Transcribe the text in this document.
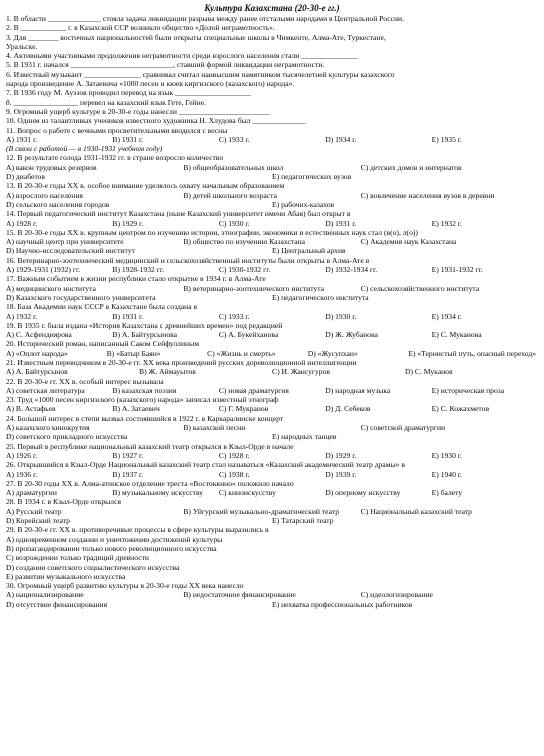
Культура Казахстана (20-30-е гг.)
1. В области ______________ стояла задача ликвидации разрыва между ранее отсталыми народами в Центральной России.
2. В ____________ г. в Казахской ССР возникло общество «Долой неграмотность».
3. Для ________ восточных национальностей были открыты специальные школы в Чимкенте, Алма-Ате, Туркестане,
Уральске.
4. Активными участниками продолжения неграмотности среди взрослого населения стали _______________
5. В 1931 г. начался ___________________________, ставший формой ликвидации неграмотности.
6. Известный музыкант _______________ сравнивал считал наивысшим памятником тысячелетней культуры казахского
народа произведение А. Затаевича «1000 песен и кюев киргизского (казахского) народа».
7. В 1936 году М. Ауэзов проводил перевод на язык ____________________
8. _________________ перевел на казахский язык Гете, Гейне.
9. Огромный ущерб культуре в 20-30-е годы нанесли ________________________
10. Одним из талантливых учеников известного художника Н. Хлудова был ______________
11. Вопрос о работе с вечными просветительными вводился с весны
А) 1931 г.	В) 1931 г.	С) 1933 г.	D) 1934 г.	Е) 1935 г.
(В связи с работой — в 1930-1931 учебном году)
12. В результате голода 1931-1932 гг. в стране возросло количество
А) вакон трудовых резервов	В) общеобразовательных школ	С) детских домов и интернатов
D) диабетов	Е) педагогических вузов
13. В 20-30-е годы ХХ в. особое внимание уделялось охвату начальным образованием
А) взрослого населения	В) детей школьного возраста	С) вовлечение населения вузов в деревни
D) сельского населения городов	Е) рабочих-казахов
14. Первый педагогический институт Казахстана (ныне Казахский университет имени Абая) был открыт в
А) 1928 г.	В) 1929 г.	С) 1930 г.	D) 1931 г.	Е) 1932 г.
15. В 20-30-е годы ХХ в. крупным центром по изучению истории, этнографии, экономики и естественных наук стал (в(о), л(о))
А) научный центр при университете	В) общество по изучению Казахстана	С) Академия наук Казахстана
D) Научно-исследовательский институт	Е) Центральный архив
16. Ветеринарно-зоотехнический медицинский и сельскохозяйственный институты были открыты в Алма-Ате в
А) 1929-1931 (1932) гг.	В) 1928-1932 гг.	С) 1930-1932 гг.	D) 1932-1934 гг.	Е) 1931-1932 гг.
17. Важным событием в жизни республики стало открытие в 1934 г. в Алма-Ате
А) медицинского института	В) ветеринарно-зоотехнического института	С) сельскохозяйственного института
D) Казахского государственного университета	Е) педагогического института
18. База Академии наук СССР в Казахстане была создана в
А) 1932 г.	В) 1931 г.	С) 1933 г.	D) 1930 г.	Е) 1934 г.
19. В 1935 г. была издана «История Казахстана с древнейших времен» под редакцией
А) С. Асфендиярова	В) А. Байтурсынова	С) А. Букейханова	D) Ж. Жубанова	Е) С. Муканова
20. Исторический роман, написанный Саком Сейфуллиным
А) «Оплот народа»	В) «Батыр Баян»	С) «Жизнь и смерть»	D) «Жусупхан»	Е) «Тернистый путь, опасный переход»
21. Известным переводчиком в 20-30-е гг. ХХ века произведений русских дореволюционной интеллигенции
А) А. Байтурсынов	В) Ж. Аймауытов	С) И. Жансугуров	D) С. Муканов
22. В 20-30-е гг. ХХ в. особый интерес вызывала
А) советская литература	В) казахская поэзия	С) новая драматургия	D) народная музыка	Е) историческая проза
23. Труд «1000 песен киргизского (казахского) народа» записал известный этнограф
А) В. Астафьев	В) А. Затаевич	С) Г. Мукранов	D) Д. Себеков	Е) С. Кожахметов
24. Большой интерес в степи вызвал состоявшийся в 1922 г. в Каркаралинске концерт
А) казахского кинокрутия	В) казахской песни	С) советской драматургии
D) советского прикладного искусства	Е) народных танцев
25. Первый в республике национальный казахский театр открылся в Кзыл-Орде в начале
А) 1926 г.	В) 1927 г.	С) 1928 г.	D) 1929 г.	Е) 1930 г.
26. Открывшийся в Кзыл-Орде Национальный казахский театр стал называться «Казахский академический театр драмы» в
А) 1936 г.	В) 1937 г.	С) 1938 г.	D) 1939 г.	Е) 1940 г.
27. В 20-30 годы ХХ в. Алма-атинское отделение треста «Востоккино» положило начало
А) драматургии	В) музыкальному искусству	С) киноискусству	D) оперному искусству	Е) балету
28. В 1934 г. в Кзыл-Орде открылся
А) Русский театр	В) Уйгурский музыкально-драматический театр	С) Национальный казахский театр
D) Корейский театр	Е) Татарский театр
29. В 20-30-е гг. ХХ в. противоречивые процессы в сфере культуры выразились в
А) одновременном создании и уничтожении достижений культуры
В) пропагандировании только нового революционного искусства
С) возрождении только традиций древности
D) создании советского социалистического искусства
Е) развитии музыкального искусства
30. Огромный ущерб развитию культуры в 20-30-е годы ХХ века нанесло
А) национализирование	В) недостаточное финансирование	С) идеологизирование
D) отсутствие финансирования	Е) нехватка профессиональных работников
